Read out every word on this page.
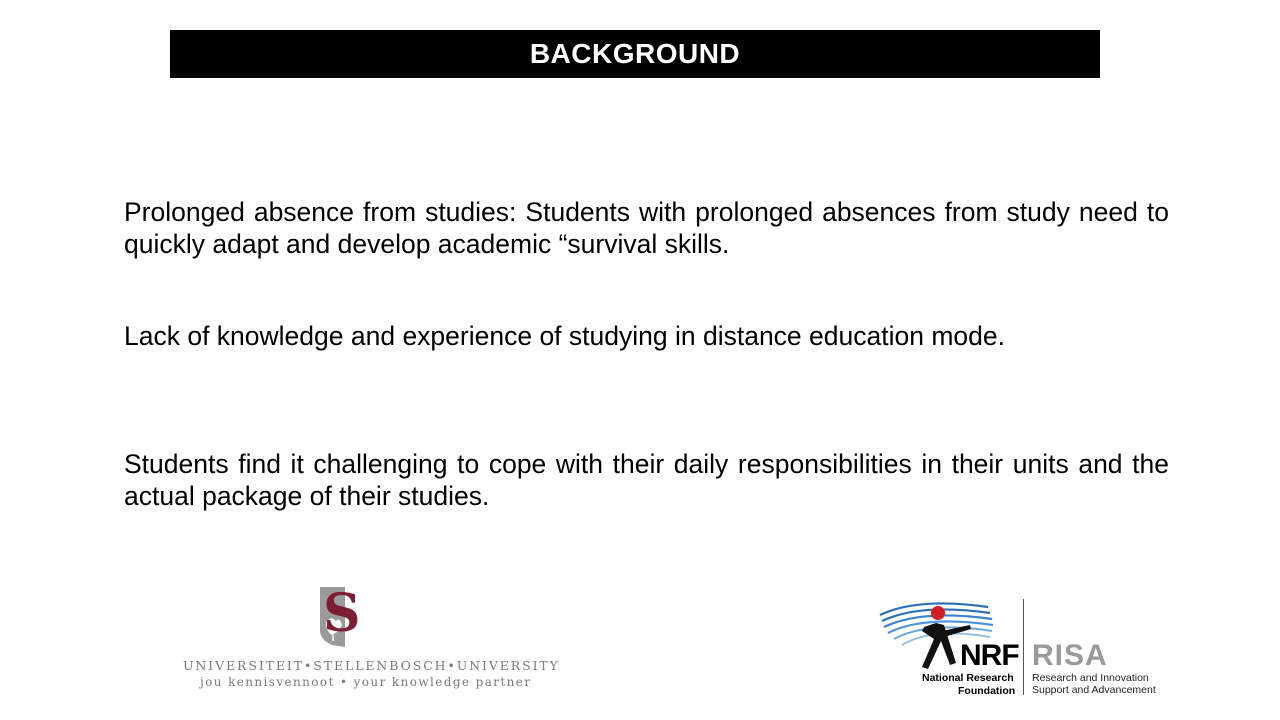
BACKGROUND

Prolonged absence from studies: Students with prolonged absences from study need to quickly adapt and develop academic “survival skills.

Lack of knowledge and experience of studying in distance education mode.

Students find it challenging to cope with their daily responsibilities in their units and the actual package of their studies.

S
UNIVERSITEIT•STELLENBOSCH•UNIVERSITY
jou kennisvennoot • your knowledge partner
NRF
National Research
Foundation
RISA
Research and Innovation
Support and Advancement
